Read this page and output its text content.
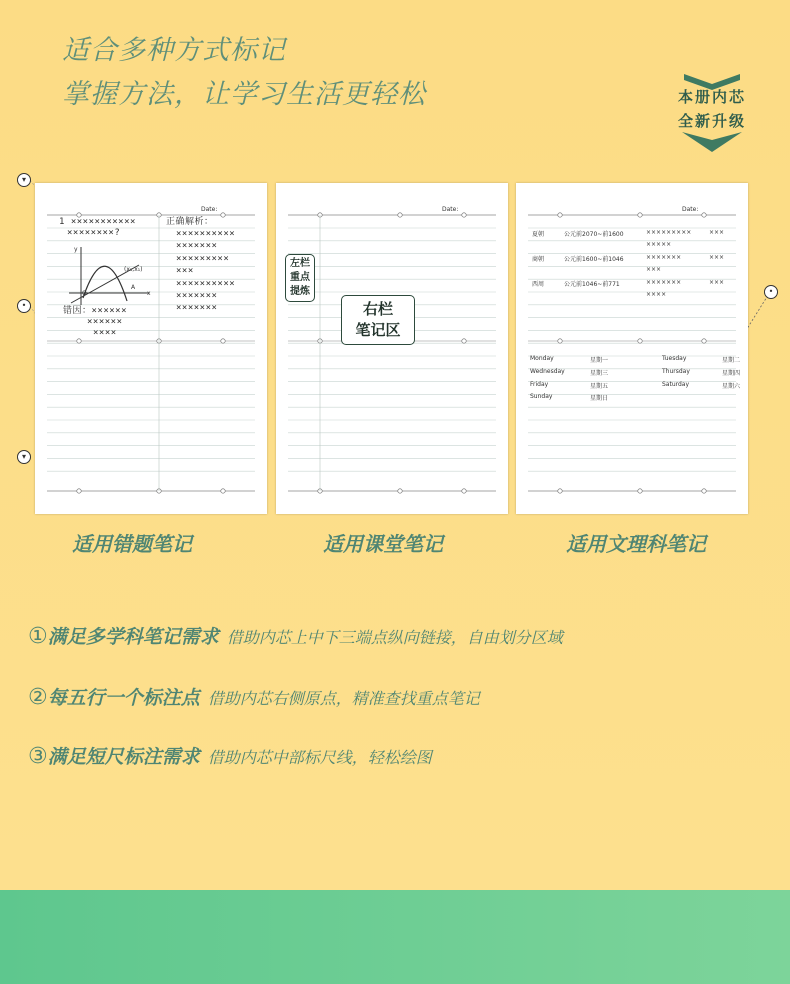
适合多种方式标记
掌握方法，让学习生活更轻松	本册内芯
全新升级
▾
•
▾
•
Date:
1 ×××××××××××
××××××××?
正确解析：
××××××××××
×××××××
×××××××××
×××
××××××××××
×××××××
×××××××
y
(x₁,x₁)
O	x
A
错因：××××××
××××××
××××
Date:
左栏
重点
提炼
右栏
笔记区
Date:
夏朝	公元前2070~前1600	×××××××××	×××
×××××
商朝	公元前1600~前1046	×××××××	×××
×××
西周	公元前1046~前771	×××××××	×××
××××
Monday	星期一	Tuesday	星期二
Wednesday	星期三	Thursday	星期四
Friday	星期五	Saturday	星期六
Sunday	星期日
适用错题笔记	适用课堂笔记	适用文理科笔记
①满足多学科笔记需求 借助内芯上中下三端点纵向链接，自由划分区域
②每五行一个标注点 借助内芯右侧原点，精准查找重点笔记
③满足短尺标注需求 借助内芯中部标尺线，轻松绘图
